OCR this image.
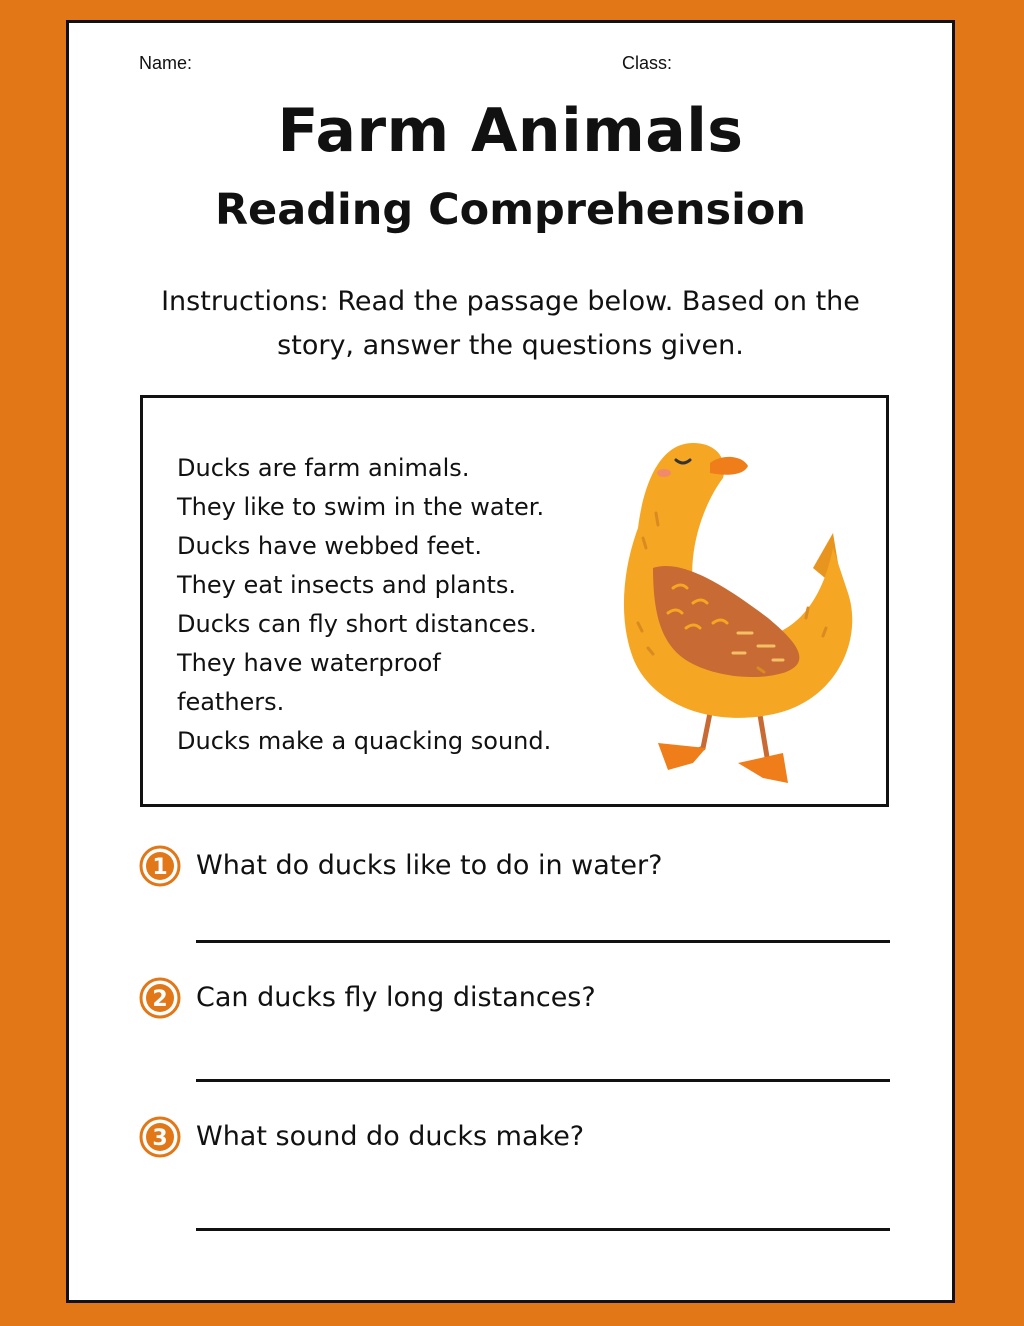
Name:	Class:
Farm Animals
Reading Comprehension
Instructions: Read the passage below. Based on the
story, answer the questions given.
Ducks are farm animals.
They like to swim in the water.
Ducks have webbed feet.
They eat insects and plants.
Ducks can fly short distances.
They have waterproof
feathers.
Ducks make a quacking sound.
1 What do ducks like to do in water?
2 Can ducks fly long distances?
3 What sound do ducks make?
